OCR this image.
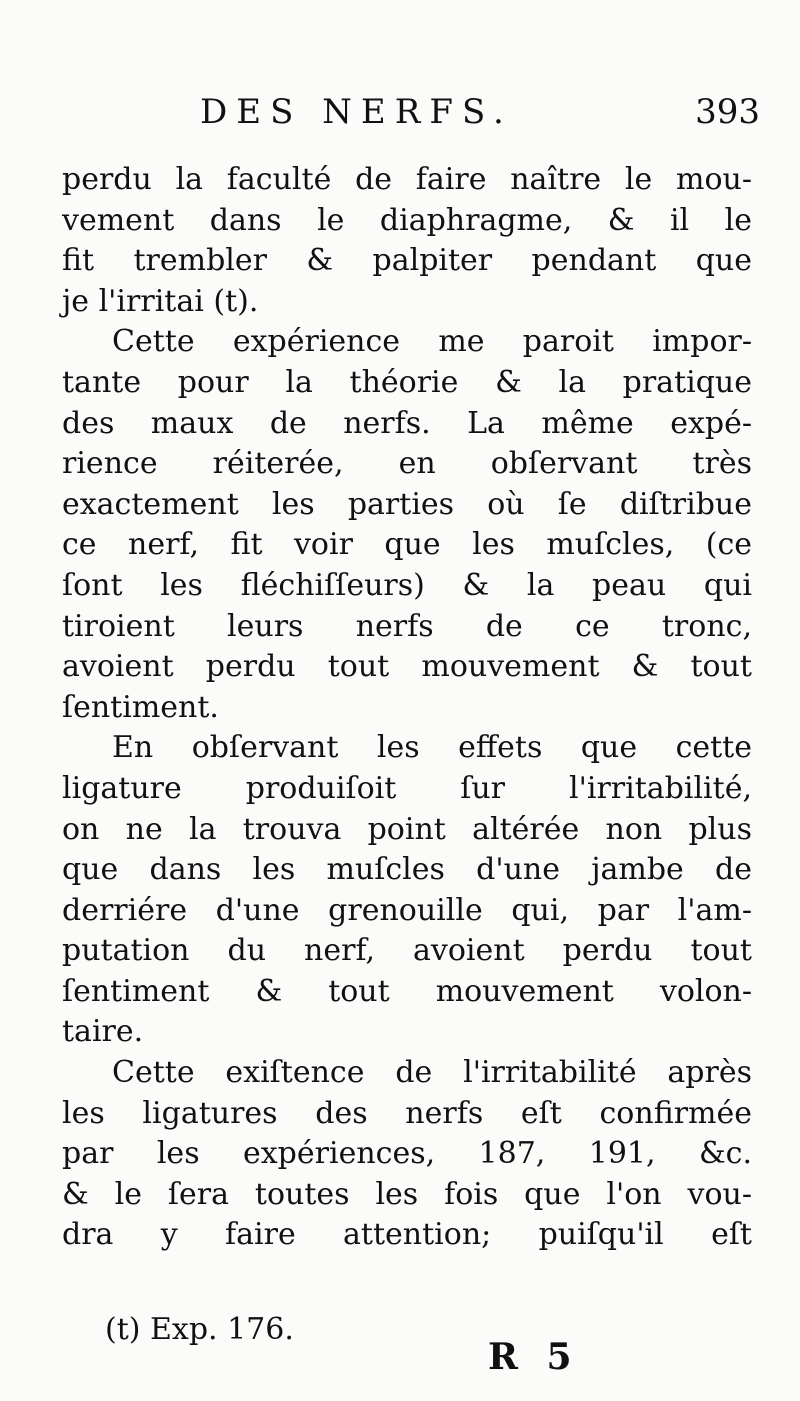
DES NERFS.	393
perdu la faculté de faire naître le mou-
vement dans le diaphragme, & il le
fit trembler & palpiter pendant que
je l'irritai (t).
Cette expérience me paroit impor-
tante pour la théorie & la pratique
des maux de nerfs. La même expé-
rience réiterée, en obſervant très
exactement les parties où ſe diſtribue
ce nerf, fit voir que les muſcles, (ce
ſont les fléchiſſeurs) & la peau qui
tiroient leurs nerfs de ce tronc,
avoient perdu tout mouvement & tout
ſentiment.
En obſervant les effets que cette
ligature produiſoit ſur l'irritabilité,
on ne la trouva point altérée non plus
que dans les muſcles d'une jambe de
derriére d'une grenouille qui, par l'am-
putation du nerf, avoient perdu tout
ſentiment & tout mouvement volon-
taire.
Cette exiſtence de l'irritabilité après
les ligatures des nerfs eſt confirmée
par les expériences, 187, 191, &c.
& le ſera toutes les fois que l'on vou-
dra y faire attention; puiſqu'il eſt
(t) Exp. 176.
R 5
